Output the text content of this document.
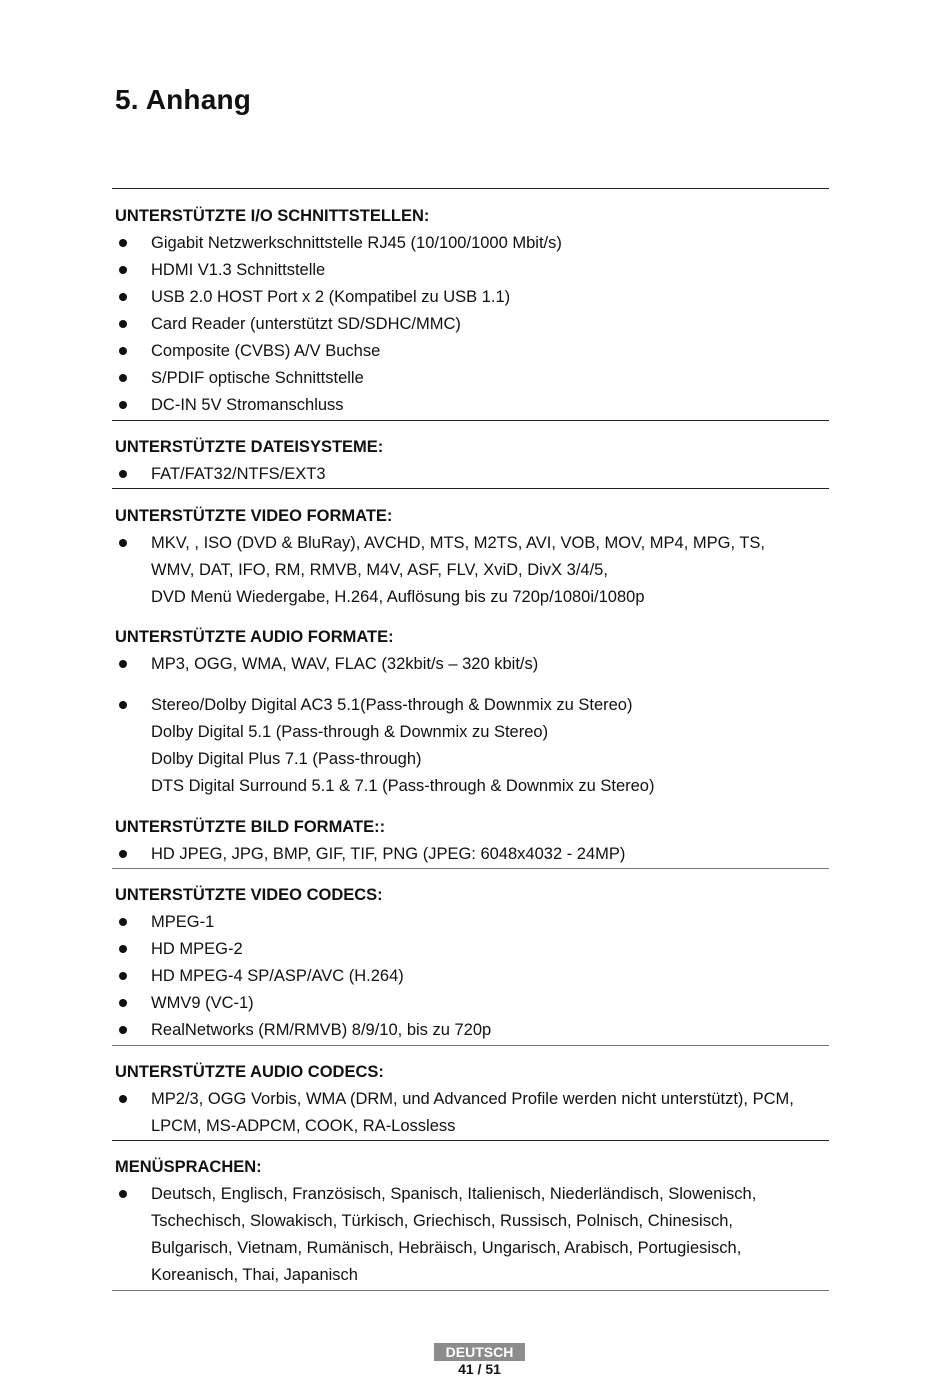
5. Anhang
UNTERSTÜTZTE I/O SCHNITTSTELLEN:
Gigabit Netzwerkschnittstelle RJ45 (10/100/1000 Mbit/s)
HDMI V1.3 Schnittstelle
USB 2.0 HOST Port x 2 (Kompatibel zu USB 1.1)
Card Reader (unterstützt SD/SDHC/MMC)
Composite (CVBS) A/V Buchse
S/PDIF optische Schnittstelle
DC-IN 5V Stromanschluss
UNTERSTÜTZTE DATEISYSTEME:
FAT/FAT32/NTFS/EXT3
UNTERSTÜTZTE VIDEO FORMATE:
MKV, , ISO (DVD & BluRay), AVCHD, MTS, M2TS, AVI, VOB, MOV, MP4, MPG, TS,
WMV, DAT, IFO, RM, RMVB, M4V, ASF, FLV, XviD, DivX 3/4/5,
DVD Menü Wiedergabe, H.264, Auflösung bis zu 720p/1080i/1080p
UNTERSTÜTZTE AUDIO FORMATE:
MP3, OGG, WMA, WAV, FLAC (32kbit/s – 320 kbit/s)
Stereo/Dolby Digital AC3 5.1(Pass-through & Downmix zu Stereo)
Dolby Digital 5.1 (Pass-through & Downmix zu Stereo)
Dolby Digital Plus 7.1 (Pass-through)
DTS Digital Surround 5.1 & 7.1 (Pass-through & Downmix zu Stereo)
UNTERSTÜTZTE BILD FORMATE::
HD JPEG, JPG, BMP, GIF, TIF, PNG (JPEG: 6048x4032 - 24MP)
UNTERSTÜTZTE VIDEO CODECS:
MPEG-1
HD MPEG-2
HD MPEG-4 SP/ASP/AVC (H.264)
WMV9 (VC-1)
RealNetworks (RM/RMVB) 8/9/10, bis zu 720p
UNTERSTÜTZTE AUDIO CODECS:
MP2/3, OGG Vorbis, WMA (DRM, und Advanced Profile werden nicht unterstützt), PCM,
LPCM, MS-ADPCM, COOK, RA-Lossless
MENÜSPRACHEN:
Deutsch, Englisch, Französisch, Spanisch, Italienisch, Niederländisch, Slowenisch,
Tschechisch, Slowakisch, Türkisch, Griechisch, Russisch, Polnisch, Chinesisch,
Bulgarisch, Vietnam, Rumänisch, Hebräisch, Ungarisch, Arabisch, Portugiesisch,
Koreanisch, Thai, Japanisch
DEUTSCH
41 / 51
